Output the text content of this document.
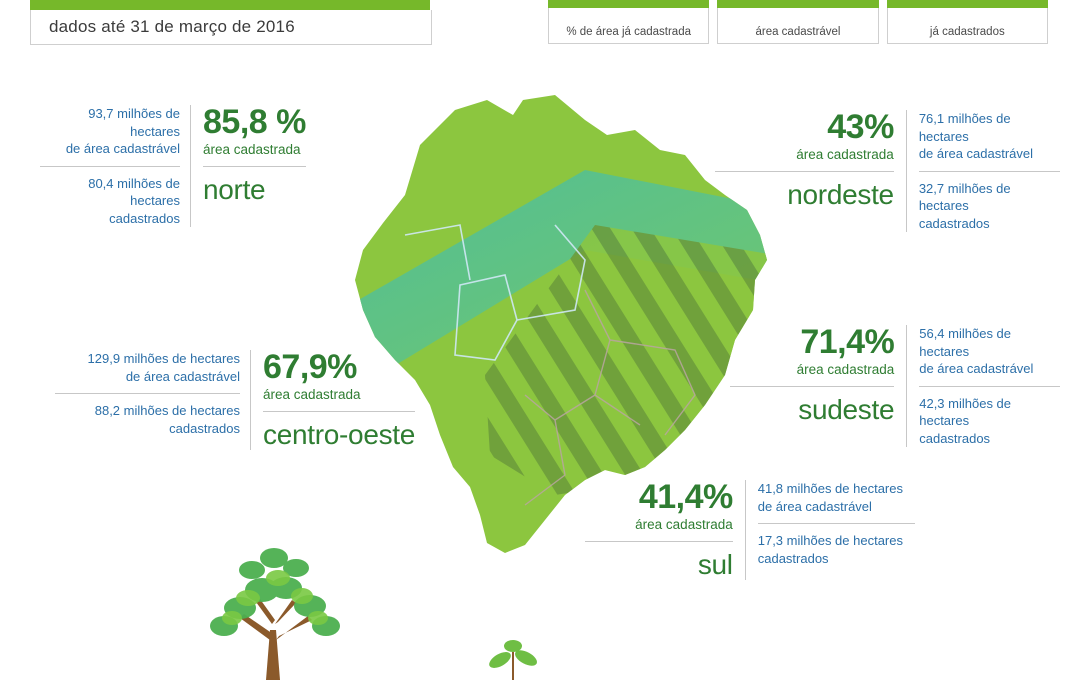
dados até 31 de março de 2016	% de área já cadastrada	área cadastrável	já cadastrados
93,7 milhões de hectares
de área cadastrável
80,4 milhões de hectares
cadastrados
85,8 %
área cadastrada
norte
43%
área cadastrada
nordeste
76,1 milhões de hectares
de área cadastrável
32,7 milhões de hectares
cadastrados
71,4%
área cadastrada
sudeste
56,4 milhões de hectares
de área cadastrável
42,3 milhões de hectares
cadastrados
129,9 milhões de hectares
de área cadastrável
88,2 milhões de hectares
cadastrados
67,9%
área cadastrada
centro-oeste
41,4%
área cadastrada
sul
41,8 milhões de hectares
de área cadastrável
17,3 milhões de hectares
cadastrados
